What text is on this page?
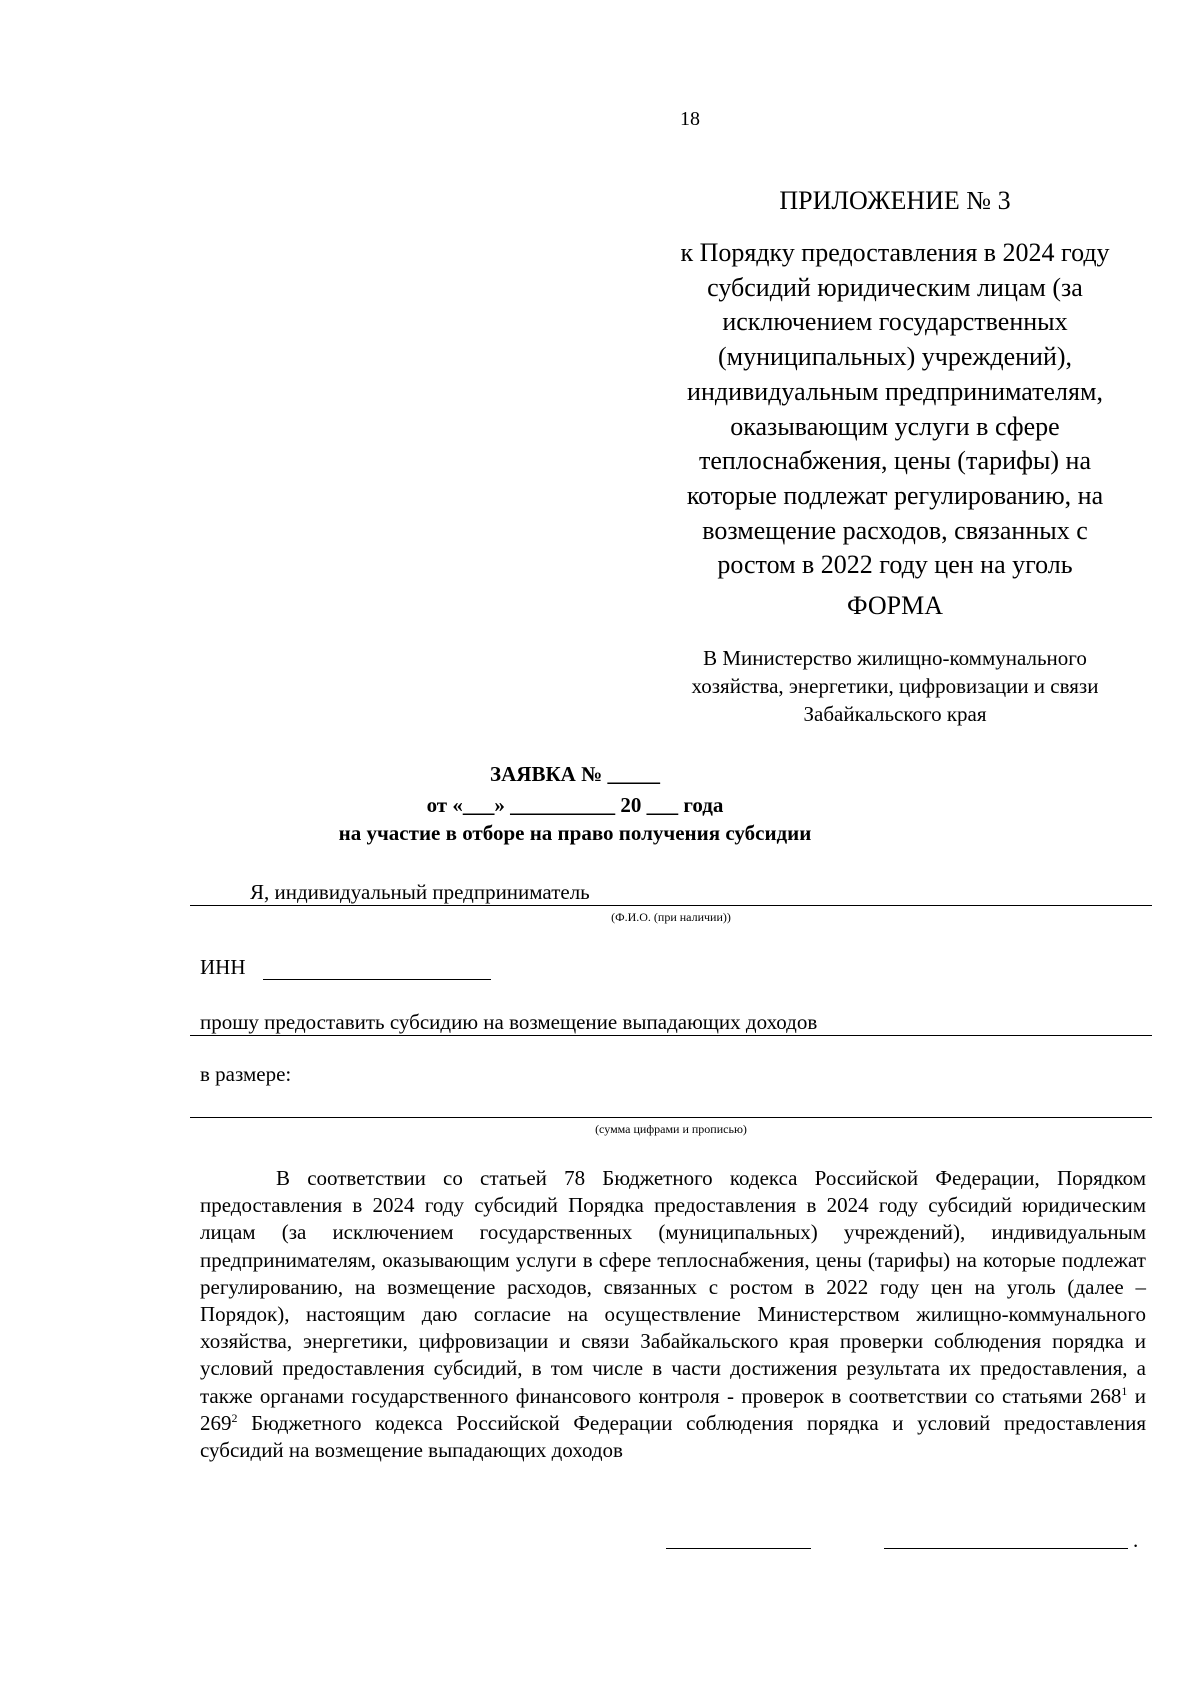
18
ПРИЛОЖЕНИЕ № 3
к Порядку предоставления в 2024 году
субсидий юридическим лицам (за
исключением государственных
(муниципальных) учреждений),
индивидуальным предпринимателям,
оказывающим услуги в сфере
теплоснабжения, цены (тарифы) на
которые подлежат регулированию, на
возмещение расходов, связанных с
ростом в 2022 году цен на уголь
ФОРМА
В Министерство жилищно-коммунального
хозяйства, энергетики, цифровизации и связи
Забайкальского края
ЗАЯВКА № _____
от «___» __________ 20 ___ года
на участие в отборе на право получения субсидии
Я, индивидуальный предприниматель
(Ф.И.О. (при наличии))
ИНН
прошу предоставить субсидию на возмещение выпадающих доходов
в размере:
(сумма цифрами и прописью)
В соответствии со статьей 78 Бюджетного кодекса Российской Федерации, Порядком предоставления в 2024 году субсидий Порядка предоставления в 2024 году субсидий юридическим лицам (за исключением государственных (муниципальных) учреждений), индивидуальным предпринимателям, оказывающим услуги в сфере теплоснабжения, цены (тарифы) на которые подлежат регулированию, на возмещение расходов, связанных с ростом в 2022 году цен на уголь (далее – Порядок), настоящим даю согласие на осуществление Министерством жилищно-коммунального хозяйства, энергетики, цифровизации и связи Забайкальского края проверки соблюдения порядка и условий предоставления субсидий, в том числе в части достижения результата их предоставления, а также органами государственного финансового контроля - проверок в соответствии со статьями $268^1$ и $269^2$ Бюджетного кодекса Российской Федерации соблюдения порядка и условий предоставления субсидий на возмещение выпадающих доходов
.
